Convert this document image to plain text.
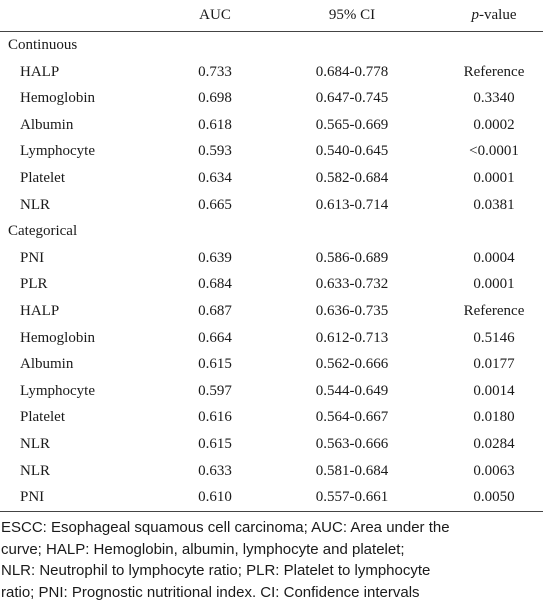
AUC	95% CI	p-value
Continuous
HALP	0.733	0.684-0.778	Reference
Hemoglobin	0.698	0.647-0.745	0.3340
Albumin	0.618	0.565-0.669	0.0002
Lymphocyte	0.593	0.540-0.645	<0.0001
Platelet	0.634	0.582-0.684	0.0001
NLR	0.665	0.613-0.714	0.0381
Categorical
PNI	0.639	0.586-0.689	0.0004
PLR	0.684	0.633-0.732	0.0001
HALP	0.687	0.636-0.735	Reference
Hemoglobin	0.664	0.612-0.713	0.5146
Albumin	0.615	0.562-0.666	0.0177
Lymphocyte	0.597	0.544-0.649	0.0014
Platelet	0.616	0.564-0.667	0.0180
NLR	0.615	0.563-0.666	0.0284
NLR	0.633	0.581-0.684	0.0063
PNI	0.610	0.557-0.661	0.0050
ESCC: Esophageal squamous cell carcinoma; AUC: Area under the
curve; HALP: Hemoglobin, albumin, lymphocyte and platelet;
NLR: Neutrophil to lymphocyte ratio; PLR: Platelet to lymphocyte
ratio; PNI: Prognostic nutritional index. CI: Confidence intervals
